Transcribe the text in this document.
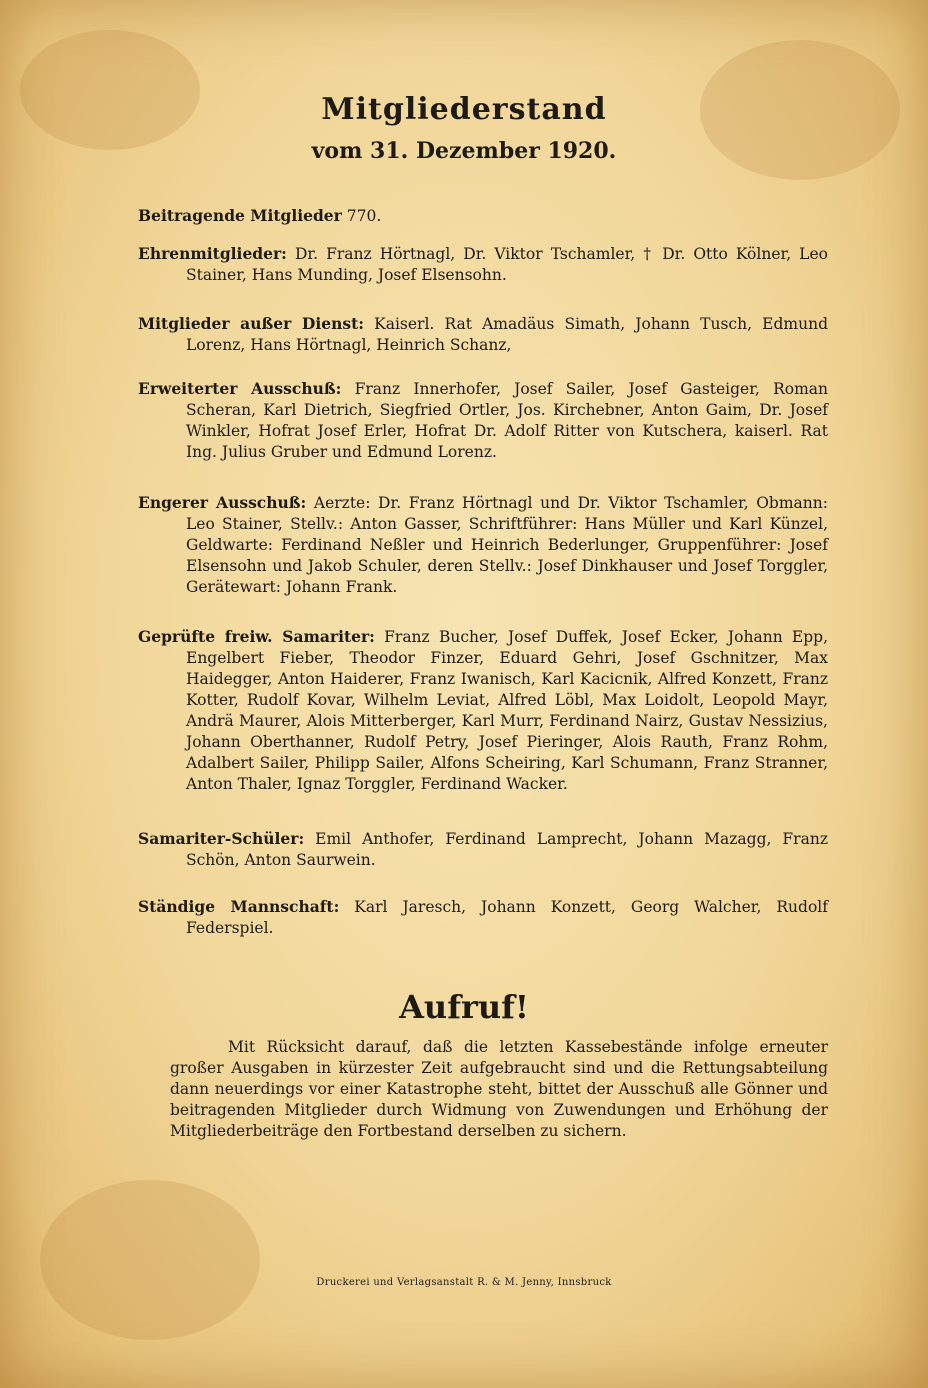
Mitgliederstand
vom 31. Dezember 1920.
Beitragende Mitglieder 770.
Ehrenmitglieder: Dr. Franz Hörtnagl, Dr. Viktor Tschamler, † Dr. Otto Kölner, Leo Stainer, Hans Munding, Josef Elsensohn.
Mitglieder außer Dienst: Kaiserl. Rat Amadäus Simath, Johann Tusch, Edmund Lorenz, Hans Hörtnagl, Heinrich Schanz,
Erweiterter Ausschuß: Franz Innerhofer, Josef Sailer, Josef Gasteiger, Roman Scheran, Karl Dietrich, Siegfried Ortler, Jos. Kirchebner, Anton Gaim, Dr. Josef Winkler, Hofrat Josef Erler, Hofrat Dr. Adolf Ritter von Kutschera, kaiserl. Rat Ing. Julius Gruber und Edmund Lorenz.
Engerer Ausschuß: Aerzte: Dr. Franz Hörtnagl und Dr. Viktor Tschamler, Obmann: Leo Stainer, Stellv.: Anton Gasser, Schriftführer: Hans Müller und Karl Künzel, Geldwarte: Ferdinand Neßler und Heinrich Bederlunger, Gruppenführer: Josef Elsensohn und Jakob Schuler, deren Stellv.: Josef Dinkhauser und Josef Torggler, Gerätewart: Johann Frank.
Geprüfte freiw. Samariter: Franz Bucher, Josef Duffek, Josef Ecker, Johann Epp, Engelbert Fieber, Theodor Finzer, Eduard Gehri, Josef Gschnitzer, Max Haidegger, Anton Haiderer, Franz Iwanisch, Karl Kacicnik, Alfred Konzett, Franz Kotter, Rudolf Kovar, Wilhelm Leviat, Alfred Löbl, Max Loidolt, Leopold Mayr, Andrä Maurer, Alois Mitterberger, Karl Murr, Ferdinand Nairz, Gustav Nessizius, Johann Oberthanner, Rudolf Petry, Josef Pieringer, Alois Rauth, Franz Rohm, Adalbert Sailer, Philipp Sailer, Alfons Scheiring, Karl Schumann, Franz Stranner, Anton Thaler, Ignaz Torggler, Ferdinand Wacker.
Samariter-Schüler: Emil Anthofer, Ferdinand Lamprecht, Johann Mazagg, Franz Schön, Anton Saurwein.
Ständige Mannschaft: Karl Jaresch, Johann Konzett, Georg Walcher, Rudolf Federspiel.
Aufruf!
Mit Rücksicht darauf, daß die letzten Kassebestände infolge erneuter großer Ausgaben in kürzester Zeit aufgebraucht sind und die Rettungsabteilung dann neuerdings vor einer Katastrophe steht, bittet der Ausschuß alle Gönner und beitragenden Mitglieder durch Widmung von Zuwendungen und Erhöhung der Mitgliederbeiträge den Fortbestand derselben zu sichern.
Druckerei und Verlagsanstalt R. & M. Jenny, Innsbruck
